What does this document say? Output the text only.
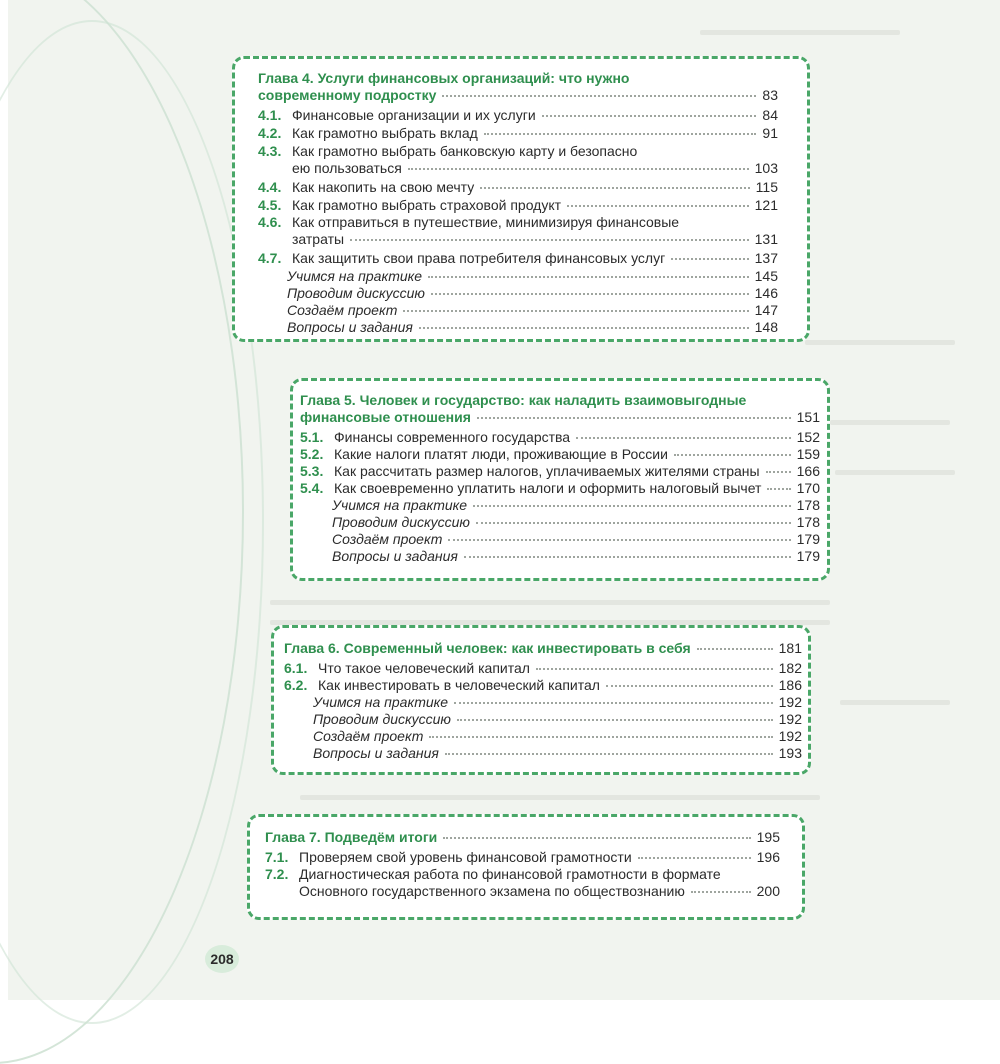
Глава 4. Услуги финансовых организаций: что нужно
современному подростку	83
4.1. Финансовые организации и их услуги	84
4.2. Как грамотно выбрать вклад	91
4.3. Как грамотно выбрать банковскую карту и безопасно
ею пользоваться	103
4.4. Как накопить на свою мечту	115
4.5. Как грамотно выбрать страховой продукт	121
4.6. Как отправиться в путешествие, минимизируя финансовые
затраты	131
4.7. Как защитить свои права потребителя финансовых услуг	137
Учимся на практике	145
Проводим дискуссию	146
Создаём проект	147
Вопросы и задания	148
Глава 5. Человек и государство: как наладить взаимовыгодные
финансовые отношения	151
5.1. Финансы современного государства	152
5.2. Какие налоги платят люди, проживающие в России	159
5.3. Как рассчитать размер налогов, уплачиваемых жителями страны	166
5.4. Как своевременно уплатить налоги и оформить налоговый вычет	170
Учимся на практике	178
Проводим дискуссию	178
Создаём проект	179
Вопросы и задания	179
Глава 6. Современный человек: как инвестировать в себя	181
6.1. Что такое человеческий капитал	182
6.2. Как инвестировать в человеческий капитал	186
Учимся на практике	192
Проводим дискуссию	192
Создаём проект	192
Вопросы и задания	193
Глава 7. Подведём итоги	195
7.1. Проверяем свой уровень финансовой грамотности	196
7.2. Диагностическая работа по финансовой грамотности в формате
Основного государственного экзамена по обществознанию	200
208
